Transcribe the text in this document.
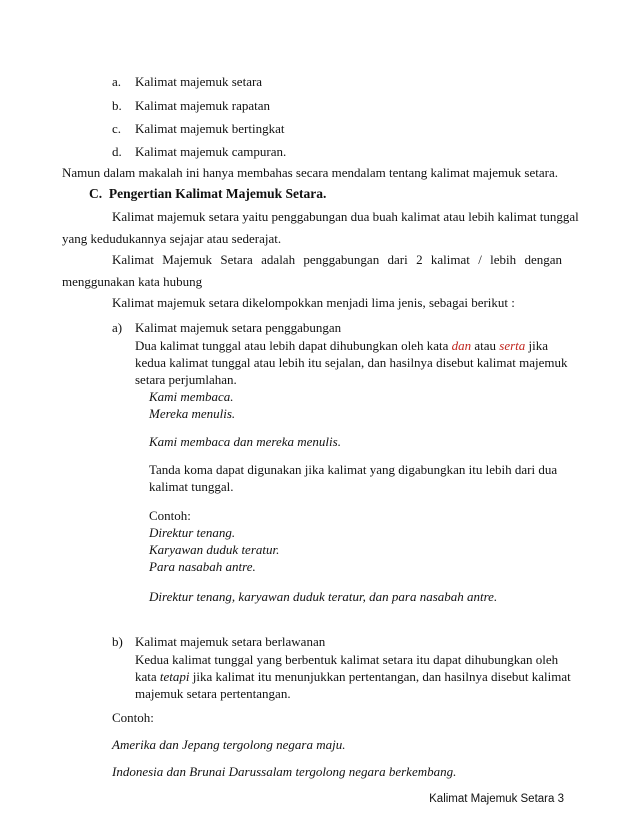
a. Kalimat majemuk setara
b. Kalimat majemuk rapatan
c. Kalimat majemuk bertingkat
d. Kalimat majemuk campuran.
Namun dalam makalah ini hanya membahas secara mendalam tentang kalimat majemuk setara.
C. Pengertian Kalimat Majemuk Setara.
Kalimat majemuk setara yaitu penggabungan dua buah kalimat atau lebih kalimat tunggal
yang kedudukannya sejajar atau sederajat.
Kalimat Majemuk Setara adalah penggabungan dari 2 kalimat / lebih dengan
menggunakan kata hubung
Kalimat majemuk setara dikelompokkan menjadi lima jenis, sebagai berikut :
a) Kalimat majemuk setara penggabungan
Dua kalimat tunggal atau lebih dapat dihubungkan oleh kata dan atau serta jika
kedua kalimat tunggal atau lebih itu sejalan, dan hasilnya disebut kalimat majemuk
setara perjumlahan.
Kami membaca.
Mereka menulis.
Kami membaca dan mereka menulis.
Tanda koma dapat digunakan jika kalimat yang digabungkan itu lebih dari dua
kalimat tunggal.
Contoh:
Direktur tenang.
Karyawan duduk teratur.
Para nasabah antre.
Direktur tenang, karyawan duduk teratur, dan para nasabah antre.
b) Kalimat majemuk setara berlawanan
Kedua kalimat tunggal yang berbentuk kalimat setara itu dapat dihubungkan oleh
kata tetapi jika kalimat itu menunjukkan pertentangan, dan hasilnya disebut kalimat
majemuk setara pertentangan.
Contoh:
Amerika dan Jepang tergolong negara maju.
Indonesia dan Brunai Darussalam tergolong negara berkembang.
Kalimat Majemuk Setara 3
